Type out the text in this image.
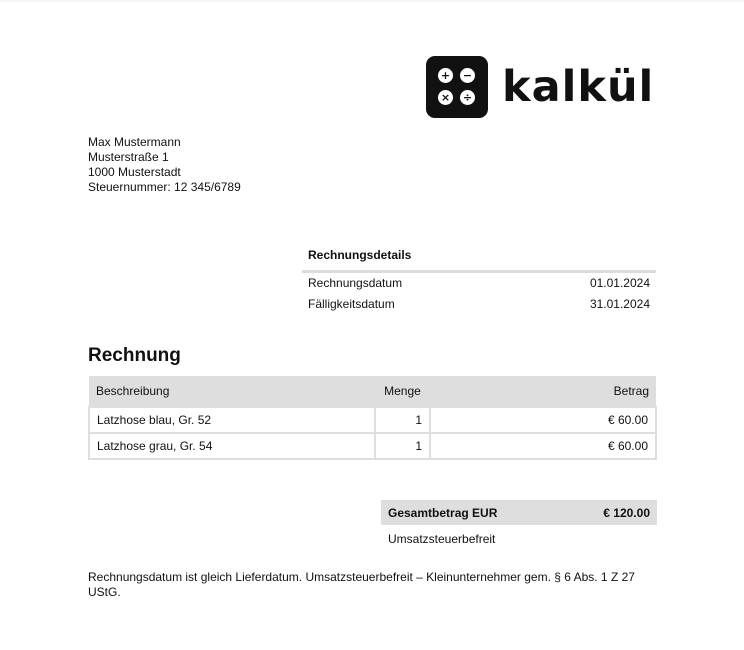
+ −
× ÷ kalkül
Max Mustermann
Musterstraße 1
1000 Musterstadt
Steuernummer: 12 345/6789
Rechnungsdetails
Rechnungsdatum	01.01.2024
Fälligkeitsdatum	31.01.2024
Rechnung
Beschreibung	Menge	Betrag
Latzhose blau, Gr. 52	1	€ 60.00
Latzhose grau, Gr. 54	1	€ 60.00
Gesamtbetrag EUR	€ 120.00
Umsatzsteuerbefreit
Rechnungsdatum ist gleich Lieferdatum. Umsatzsteuerbefreit – Kleinunternehmer gem. § 6 Abs. 1 Z 27 UStG.
